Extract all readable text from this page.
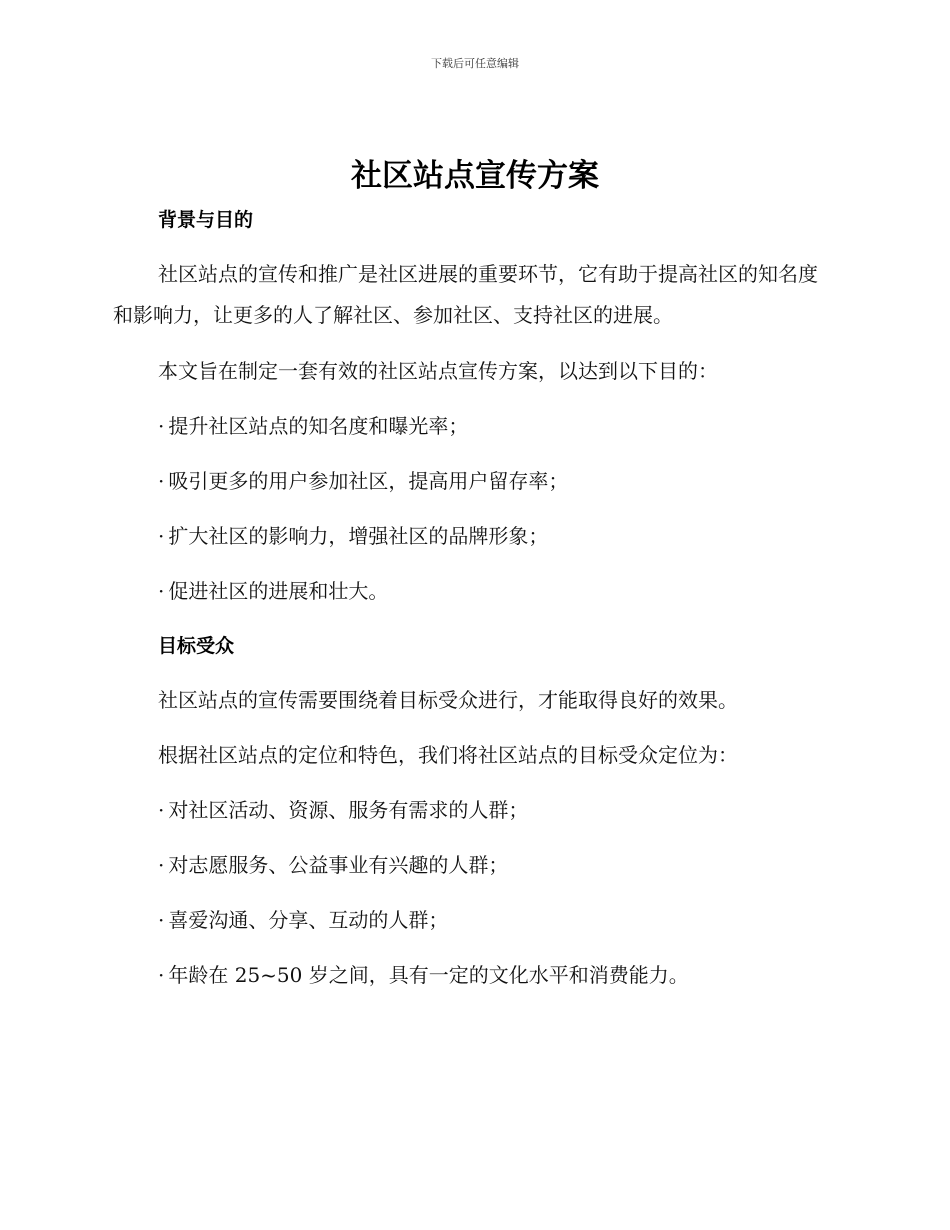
下载后可任意编辑
社区站点宣传方案
背景与目的

社区站点的宣传和推广是社区进展的重要环节，它有助于提高社区的知名度和影响力，让更多的人了解社区、参加社区、支持社区的进展。

本文旨在制定一套有效的社区站点宣传方案，以达到以下目的：
· 提升社区站点的知名度和曝光率；
· 吸引更多的用户参加社区，提高用户留存率；
· 扩大社区的影响力，增强社区的品牌形象；
· 促进社区的进展和壮大。
目标受众
社区站点的宣传需要围绕着目标受众进行，才能取得良好的效果。
根据社区站点的定位和特色，我们将社区站点的目标受众定位为：
· 对社区活动、资源、服务有需求的人群；
· 对志愿服务、公益事业有兴趣的人群；
· 喜爱沟通、分享、互动的人群；
· 年龄在 25~50 岁之间，具有一定的文化水平和消费能力。
